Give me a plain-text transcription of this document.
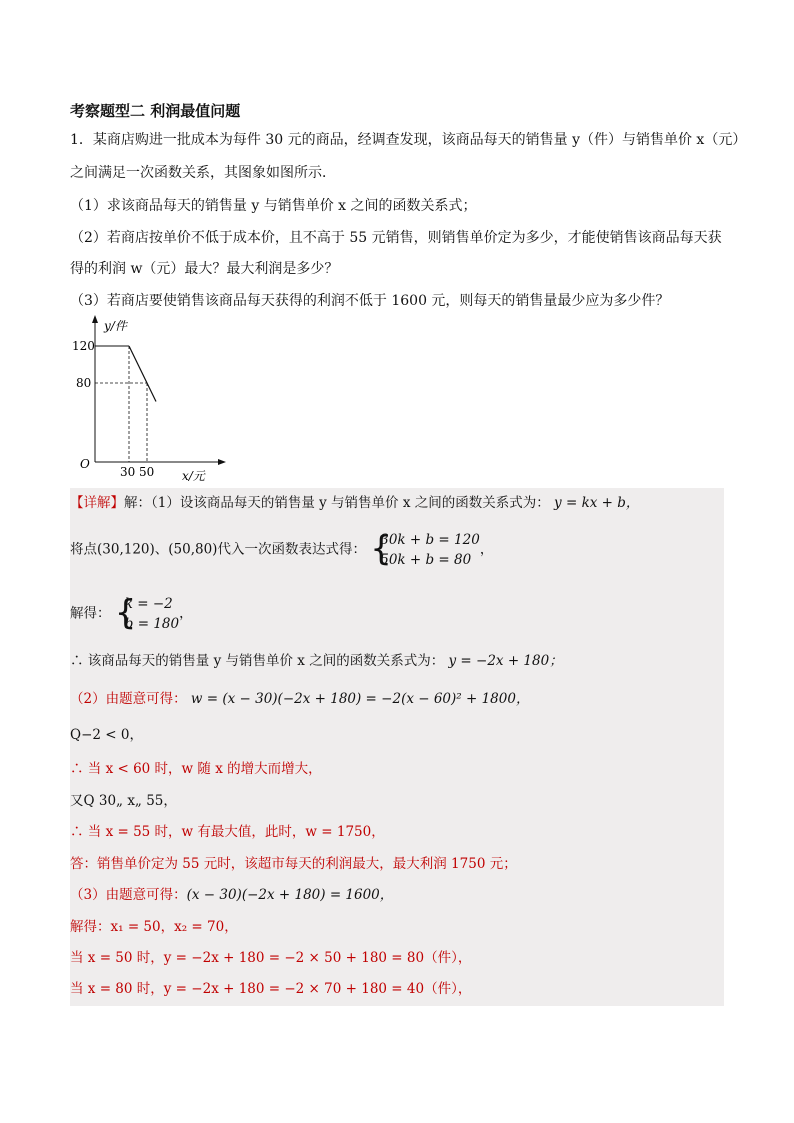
考察题型二 利润最值问题
1．某商店购进一批成本为每件 30 元的商品，经调查发现，该商品每天的销售量 y（件）与销售单价 x（元）
之间满足一次函数关系，其图象如图所示．
（1）求该商品每天的销售量 y 与销售单价 x 之间的函数关系式；
（2）若商店按单价不低于成本价，且不高于 55 元销售，则销售单价定为多少，才能使销售该商品每天获
得的利润 w（元）最大？最大利润是多少？
（3）若商店要使销售该商品每天获得的利润不低于 1600 元，则每天的销售量最少应为多少件？
y/件
x/元
O
120
80
30 50
【详解】解：（1）设该商品每天的销售量 y 与销售单价 x 之间的函数关系式为： y = kx + b，
将点(30,120)、(50,80)代入一次函数表达式得： {
30k + b = 120
50k + b = 80
，
解得： {
k = −2
b = 180
，
∴ 该商品每天的销售量 y 与销售单价 x 之间的函数关系式为： y = −2x + 180；
（2）由题意可得： w = (x − 30)(−2x + 180) = −2(x − 60)² + 1800，
Q−2 < 0，
∴ 当 x < 60 时，w 随 x 的增大而增大，
又Q 30„ x„ 55，
∴ 当 x = 55 时，w 有最大值，此时，w = 1750，
答：销售单价定为 55 元时，该超市每天的利润最大，最大利润 1750 元；
（3）由题意可得：(x − 30)(−2x + 180) = 1600，
解得：x₁ = 50，x₂ = 70，
当 x = 50 时，y = −2x + 180 = −2 × 50 + 180 = 80（件），
当 x = 80 时，y = −2x + 180 = −2 × 70 + 180 = 40（件），
